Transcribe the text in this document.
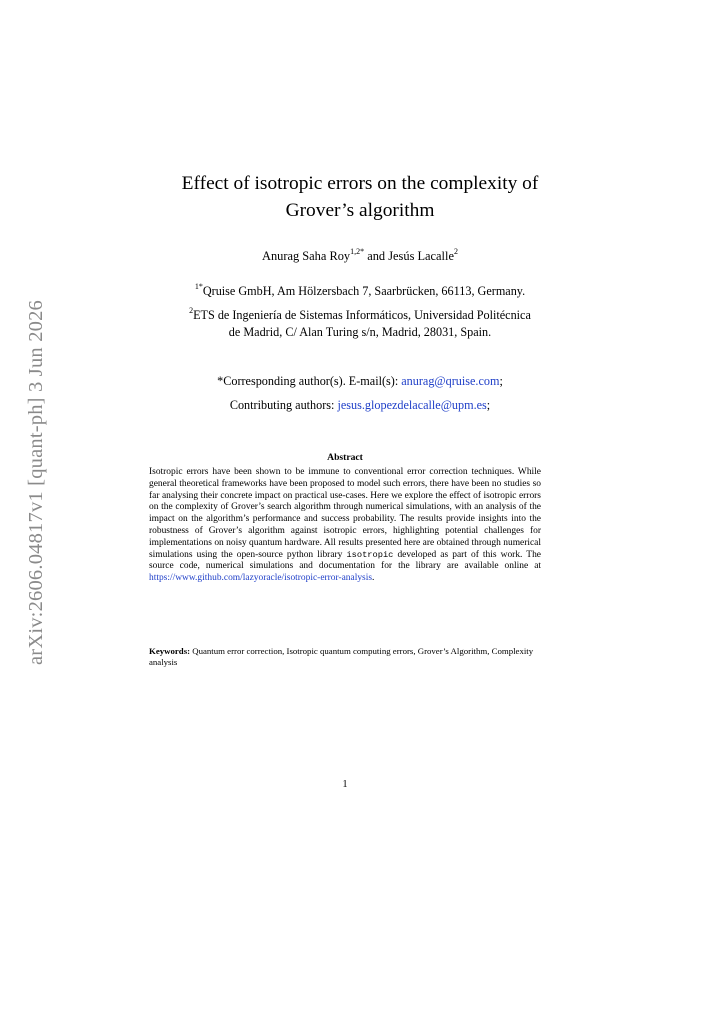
arXiv:2606.04817v1 [quant-ph] 3 Jun 2026
Effect of isotropic errors on the complexity of
Grover’s algorithm
Anurag Saha Roy$^{1,2*}$ and Jesús Lacalle$^2$
$^{1*}$Qruise GmbH, Am Hölzersbach 7, Saarbrücken, 66113, Germany.
$^2$ETS de Ingeniería de Sistemas Informáticos, Universidad Politécnica
de Madrid, C/ Alan Turing s/n, Madrid, 28031, Spain.
*Corresponding author(s). E-mail(s): anurag@qruise.com;
Contributing authors: jesus.glopezdelacalle@upm.es;
Abstract
Isotropic errors have been shown to be immune to conventional error correction techniques. While general theoretical frameworks have been proposed to model such errors, there have been no studies so far analysing their concrete impact on practical use-cases. Here we explore the effect of isotropic errors on the complexity of Grover’s search algorithm through numerical simulations, with an analysis of the impact on the algorithm’s performance and success probability. The results provide insights into the robustness of Grover’s algorithm against isotropic errors, highlighting potential challenges for implementations on noisy quantum hardware. All results presented here are obtained through numerical simulations using the open-source python library isotropic developed as part of this work. The source code, numerical simulations and documentation for the library are available online at https://www.github.com/lazyoracle/isotropic-error-analysis.
Keywords: Quantum error correction, Isotropic quantum computing errors, Grover’s Algorithm, Complexity analysis
1
